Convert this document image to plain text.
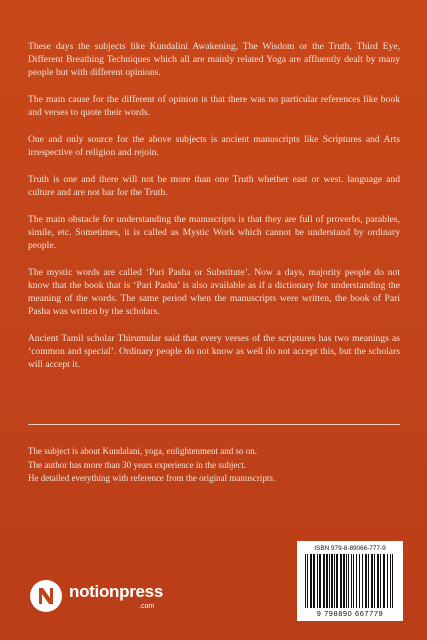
These days the subjects like Kundalini Awakening, The Wisdom or the Truth, Third Eye, Different Breathing Techniques which all are mainly related Yoga are affluently dealt by many people but with different opinions.

The main cause for the different of opinion is that there was no particular references like book and verses to quote their words.

One and only source for the above subjects is ancient manuscripts like Scriptures and Arts irrespective of religion and rejoin.

Truth is one and there will not be more than one Truth whether east or west. language and culture and are not bar for the Truth.

The main obstacle for understanding the manuscripts is that they are full of proverbs, parables, simile, etc. Sometimes, it is called as Mystic Work which cannot be understand by ordinary people.

The mystic words are called ‘Pari Pasha or Substitute’. Now a days, majority people do not know that the book that is ‘Pari Pasha’ is also available as if a dictionary for understanding the meaning of the words. The same period when the manuscripts were written, the book of Pari Pasha was written by the scholars.

Ancient Tamil scholar Thirumular said that every verses of the scriptures has two meanings as ‘common and special’. Ordinary people do not know as well do not accept this, but the scholars will accept it.

The subject is about Kundalani, yoga, enlightenment and so on.
The author has more than 30 years experience in the subject.
He detailed everything with reference from the original manuscripts.
ISBN 979-8-89066-777-9
9 798890 667779
notionpress
.com
